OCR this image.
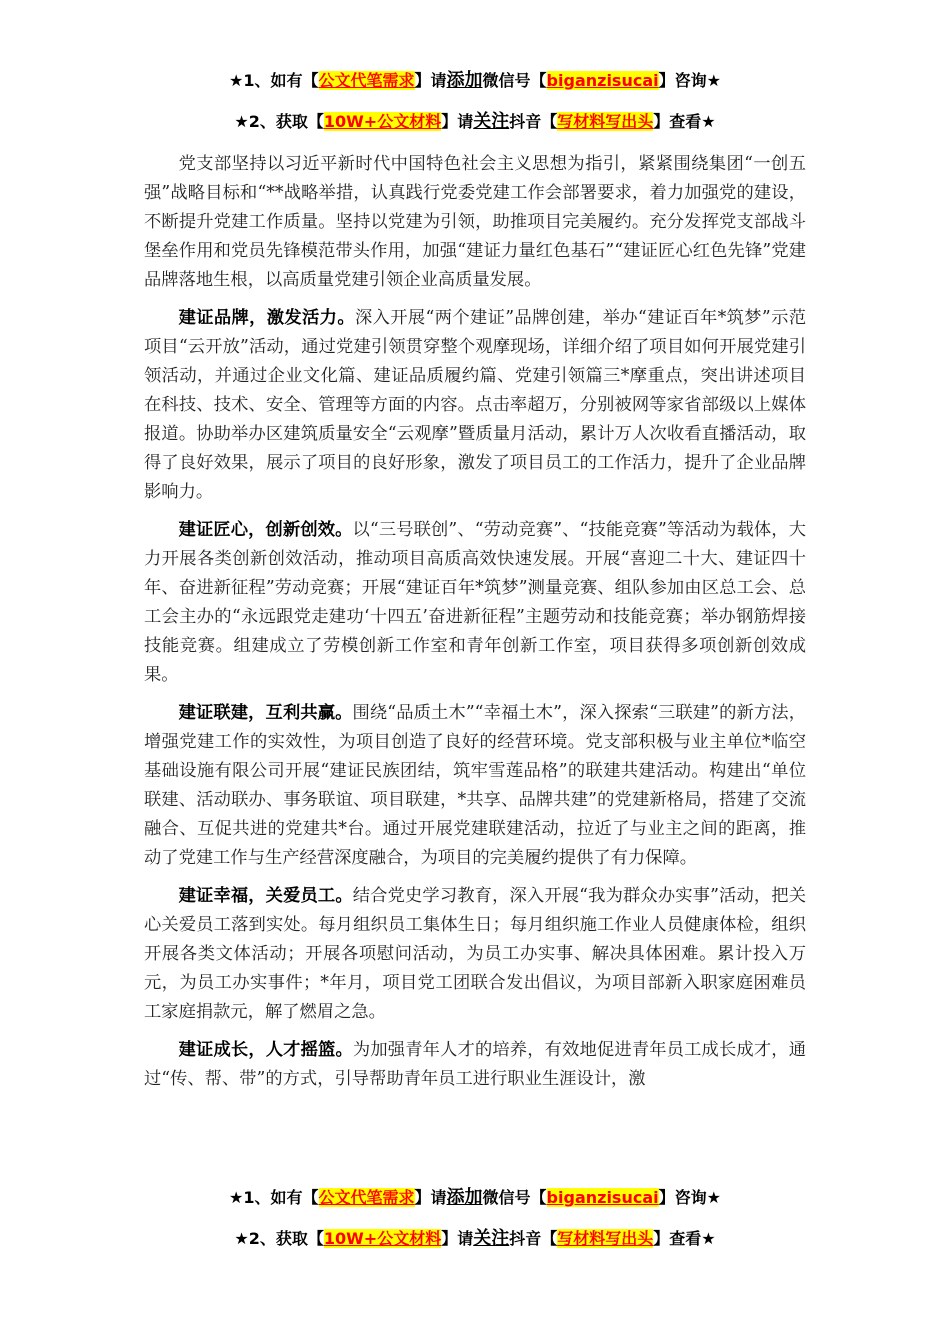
★1、如有【公文代笔需求】请添加微信号【biganzisucai】咨询★
★2、获取【10W+公文材料】请关注抖音【写材料写出头】查看★

党支部坚持以习近平新时代中国特色社会主义思想为指引，紧紧围绕集团“一创五强”战略目标和“**战略举措，认真践行党委党建工作会部署要求，着力加强党的建设，不断提升党建工作质量。坚持以党建为引领，助推项目完美履约。充分发挥党支部战斗堡垒作用和党员先锋模范带头作用，加强“建证力量红色基石”“建证匠心红色先锋”党建品牌落地生根，以高质量党建引领企业高质量发展。

建证品牌，激发活力。深入开展“两个建证”品牌创建，举办“建证百年*筑梦”示范项目“云开放”活动，通过党建引领贯穿整个观摩现场，详细介绍了项目如何开展党建引领活动，并通过企业文化篇、建证品质履约篇、党建引领篇三*摩重点，突出讲述项目在科技、技术、安全、管理等方面的内容。点击率超万，分别被网等家省部级以上媒体报道。协助举办区建筑质量安全“云观摩”暨质量月活动，累计万人次收看直播活动，取得了良好效果，展示了项目的良好形象，激发了项目员工的工作活力，提升了企业品牌影响力。

建证匠心，创新创效。以“三号联创”、“劳动竞赛”、“技能竞赛”等活动为载体，大力开展各类创新创效活动，推动项目高质高效快速发展。开展“喜迎二十大、建证四十年、奋进新征程”劳动竞赛；开展“建证百年*筑梦”测量竞赛、组队参加由区总工会、总工会主办的“永远跟党走建功‘十四五’奋进新征程”主题劳动和技能竞赛；举办钢筋焊接技能竞赛。组建成立了劳模创新工作室和青年创新工作室，项目获得多项创新创效成果。

建证联建，互利共赢。围绕“品质土木”“幸福土木”，深入探索“三联建”的新方法，增强党建工作的实效性，为项目创造了良好的经营环境。党支部积极与业主单位*临空基础设施有限公司开展“建证民族团结，筑牢雪莲品格”的联建共建活动。构建出“单位联建、活动联办、事务联谊、项目联建，*共享、品牌共建”的党建新格局，搭建了交流融合、互促共进的党建共*台。通过开展党建联建活动，拉近了与业主之间的距离，推动了党建工作与生产经营深度融合，为项目的完美履约提供了有力保障。

建证幸福，关爱员工。结合党史学习教育，深入开展“我为群众办实事”活动，把关心关爱员工落到实处。每月组织员工集体生日；每月组织施工作业人员健康体检，组织开展各类文体活动；开展各项慰问活动，为员工办实事、解决具体困难。累计投入万元，为员工办实事件；*年月，项目党工团联合发出倡议，为项目部新入职家庭困难员工家庭捐款元，解了燃眉之急。

建证成长，人才摇篮。为加强青年人才的培养，有效地促进青年员工成长成才，通过“传、帮、带”的方式，引导帮助青年员工进行职业生涯设计，激

★1、如有【公文代笔需求】请添加微信号【biganzisucai】咨询★
★2、获取【10W+公文材料】请关注抖音【写材料写出头】查看★
